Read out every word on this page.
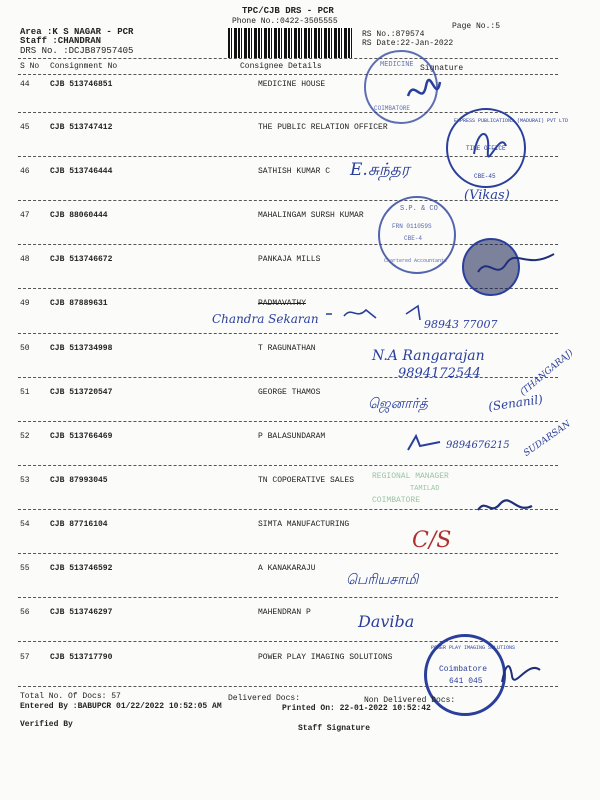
TPC/CJB DRS - PCR
Phone No.:0422-3505555
Area :K S NAGAR - PCR
Staff :CHANDRAN
DRS No. :DCJB87957405
RS No.:879574
RS Date:22-Jan-2022
Page No.:5
S No Consignment No	Consignee Details	Signature
44	CJB 513746851	MEDICINE HOUSE
45	CJB 513747412	THE PUBLIC RELATION OFFICER
46	CJB 513746444	SATHISH KUMAR C
47	CJB 88060444	MAHALINGAM SURSH KUMAR
48	CJB 513746672	PANKAJA MILLS
49	CJB 87889631	PADMAVATHY
50	CJB 513734998	T RAGUNATHAN
51	CJB 513720547	GEORGE THAMOS
52	CJB 513766469	P BALASUNDARAM
53	CJB 87993045	TN COPOERATIVE SALES
54	CJB 87716104	SIMTA MANUFACTURING
55	CJB 513746592	A KANAKARAJU
56	CJB 513746297	MAHENDRAN P
57	CJB 513717790	POWER PLAY IMAGING SOLUTIONS
MEDICINE
COIMBATORE
EXPRESS PUBLICATIONS (MADURAI) PVT LTD
TIME OFFICE
CBE-45
E.சுந்தர
(Vikas)
S.P. & CO
FRN 011059S
CBE-4
Chartered Accountants
Chandra Sekaran	98943 77007
N.A Rangarajan
9894172544	(THANGARAJ)
ஜெனார்த்	(Senanil)
9894676215 SUDARSAN
REGIONAL MANAGER
TAMILAD
COIMBATORE
C/S
பெரியசாமி
Daviba
POWER PLAY IMAGING SOLUTIONS
Coimbatore
641 045
Total No. Of Docs: 57	Delivered Docs:	Non Delivered Docs:
Entered By :BABUPCR 01/22/2022 10:52:05 AM	Printed On: 22-01-2022 10:52:42
Verified By	Staff Signature
